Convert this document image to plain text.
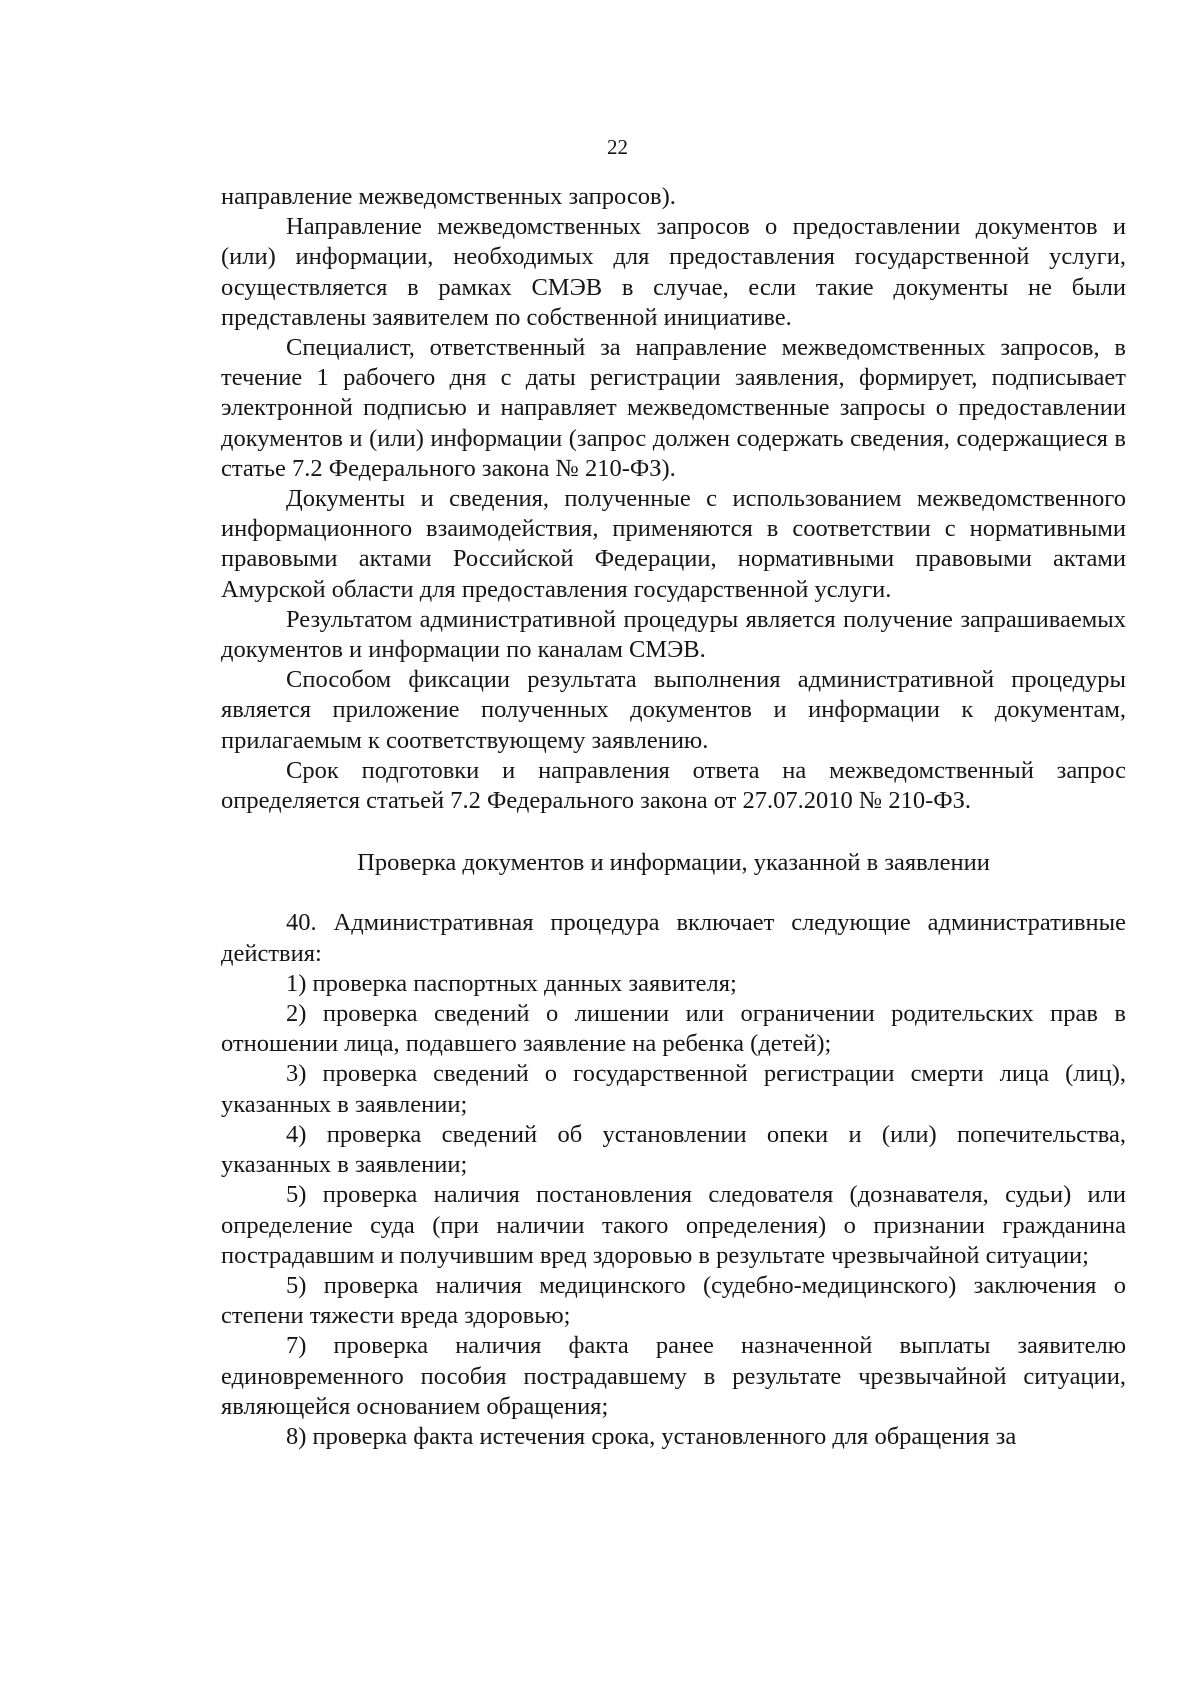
22

направление межведомственных запросов).

Направление межведомственных запросов о предоставлении документов и (или) информации, необходимых для предоставления государственной услуги, осуществляется в рамках СМЭВ в случае, если такие документы не были представлены заявителем по собственной инициативе.

Специалист, ответственный за направление межведомственных запросов, в течение 1 рабочего дня с даты регистрации заявления, формирует, подписывает электронной подписью и направляет межведомственные запросы о предоставлении документов и (или) информации (запрос должен содержать сведения, содержащиеся в статье 7.2 Федерального закона № 210-ФЗ).

Документы и сведения, полученные с использованием межведомственного информационного взаимодействия, применяются в соответствии с нормативными правовыми актами Российской Федерации, нормативными правовыми актами Амурской области для предоставления государственной услуги.

Результатом административной процедуры является получение запрашиваемых документов и информации по каналам СМЭВ.

Способом фиксации результата выполнения административной процедуры является приложение полученных документов и информации к документам, прилагаемым к соответствующему заявлению.

Срок подготовки и направления ответа на межведомственный запрос определяется статьей 7.2 Федерального закона от 27.07.2010 № 210-ФЗ.

Проверка документов и информации, указанной в заявлении

40. Административная процедура включает следующие административные действия:

1) проверка паспортных данных заявителя;

2) проверка сведений о лишении или ограничении родительских прав в отношении лица, подавшего заявление на ребенка (детей);

3) проверка сведений о государственной регистрации смерти лица (лиц), указанных в заявлении;

4) проверка сведений об установлении опеки и (или) попечительства, указанных в заявлении;

5) проверка наличия постановления следователя (дознавателя, судьи) или определение суда (при наличии такого определения) о признании гражданина пострадавшим и получившим вред здоровью в результате чрезвычайной ситуации;

5) проверка наличия медицинского (судебно-медицинского) заключения о степени тяжести вреда здоровью;

7) проверка наличия факта ранее назначенной выплаты заявителю единовременного пособия пострадавшему в результате чрезвычайной ситуации, являющейся основанием обращения;

8) проверка факта истечения срока, установленного для обращения за
